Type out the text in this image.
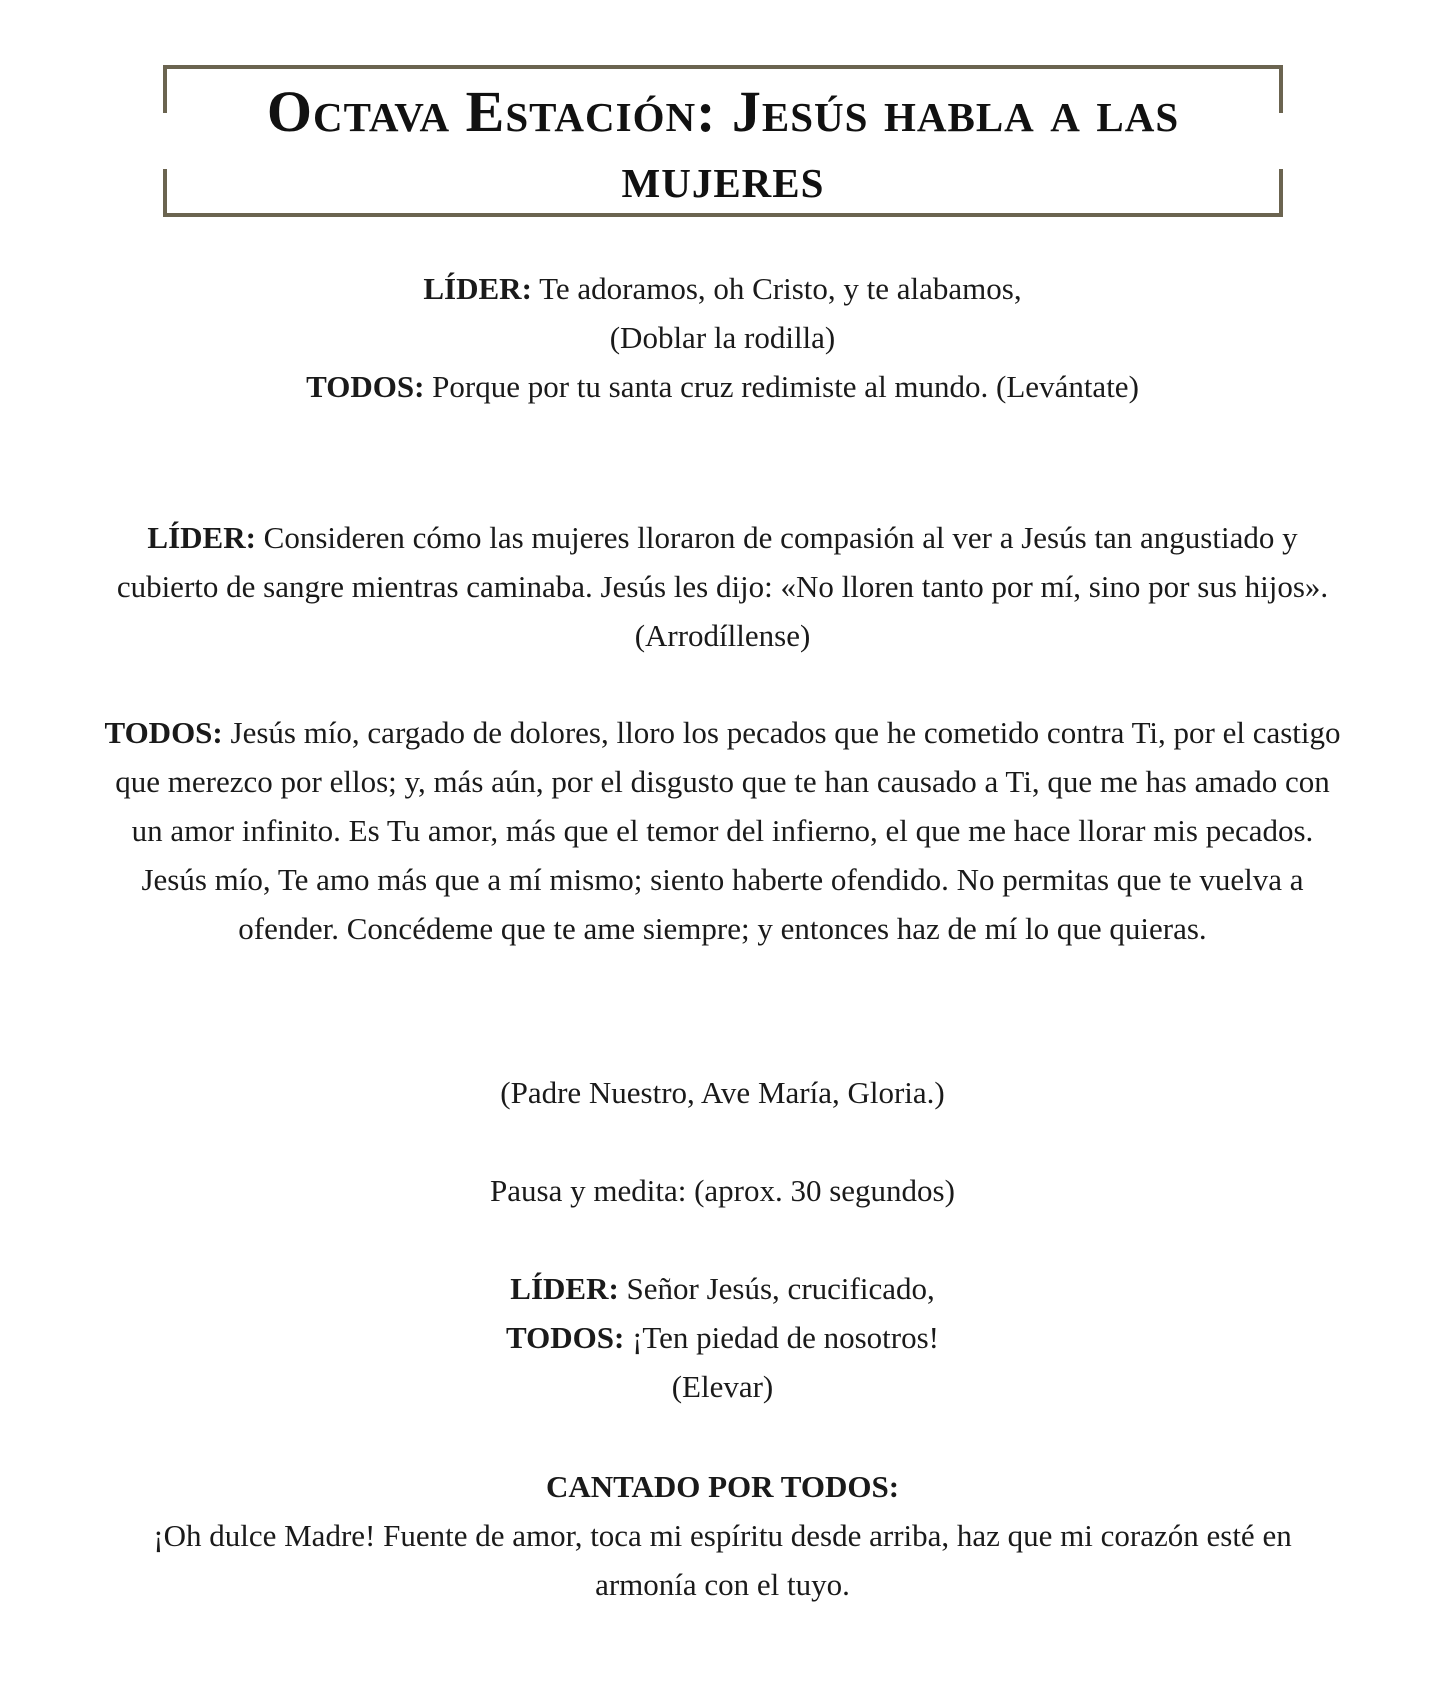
Octava Estación: Jesús habla a las mujeres
LÍDER: Te adoramos, oh Cristo, y te alabamos,
(Doblar la rodilla)
TODOS: Porque por tu santa cruz redimiste al mundo. (Levántate)
LÍDER: Consideren cómo las mujeres lloraron de compasión al ver a Jesús tan angustiado y cubierto de sangre mientras caminaba. Jesús les dijo: «No lloren tanto por mí, sino por sus hijos». (Arrodíllense)
TODOS: Jesús mío, cargado de dolores, lloro los pecados que he cometido contra Ti, por el castigo que merezco por ellos; y, más aún, por el disgusto que te han causado a Ti, que me has amado con un amor infinito. Es Tu amor, más que el temor del infierno, el que me hace llorar mis pecados. Jesús mío, Te amo más que a mí mismo; siento haberte ofendido. No permitas que te vuelva a ofender. Concédeme que te ame siempre; y entonces haz de mí lo que quieras.
(Padre Nuestro, Ave María, Gloria.)
Pausa y medita: (aprox. 30 segundos)
LÍDER: Señor Jesús, crucificado,
TODOS: ¡Ten piedad de nosotros!
(Elevar)
CANTADO POR TODOS:
¡Oh dulce Madre! Fuente de amor, toca mi espíritu desde arriba, haz que mi corazón esté en armonía con el tuyo.
